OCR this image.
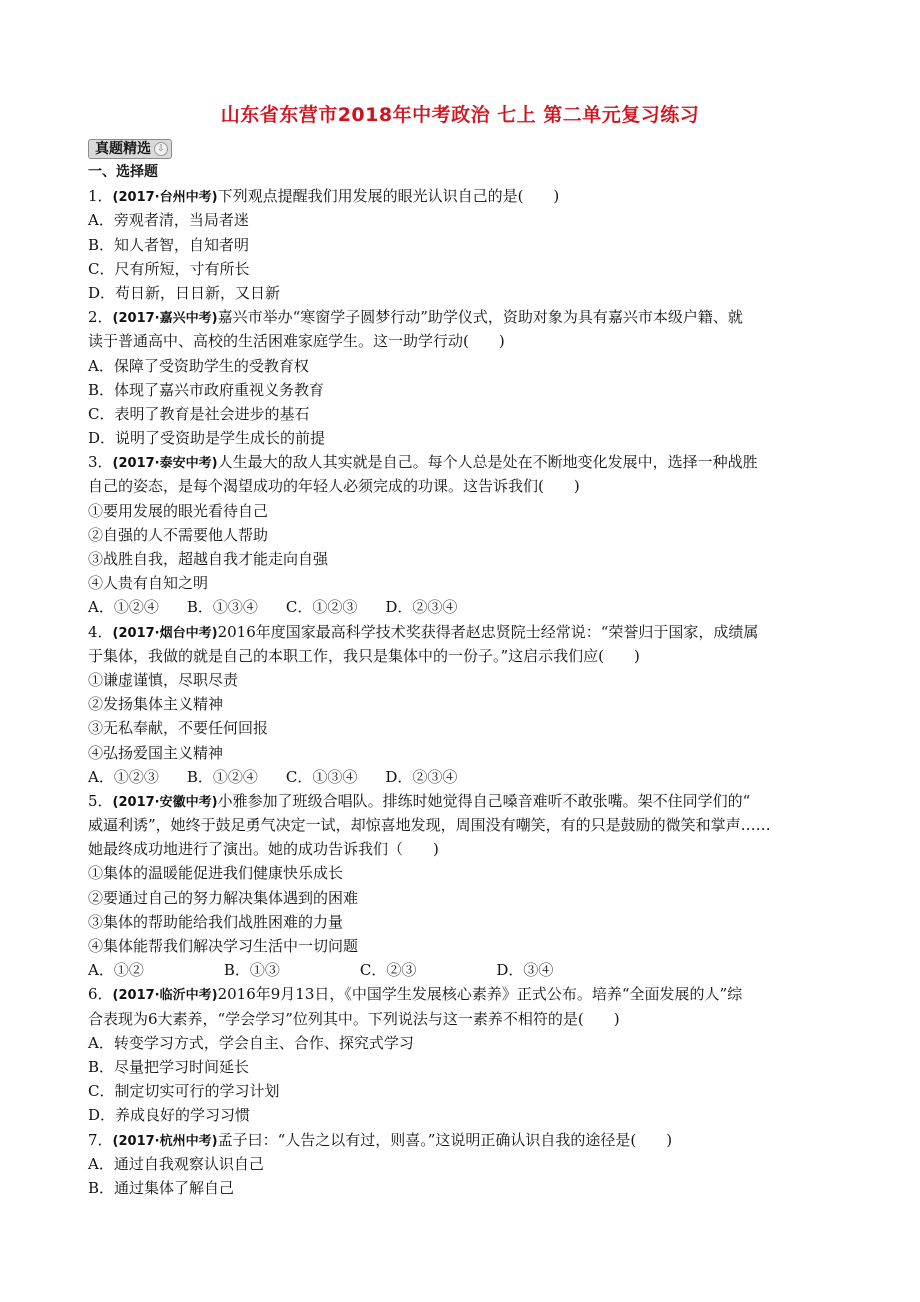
山东省东营市2018年中考政治 七上 第二单元复习练习
真题精选 ⇩
一、选择题
1．(2017·台州中考)下列观点提醒我们用发展的眼光认识自己的是(　　)
A．旁观者清，当局者迷
B．知人者智，自知者明
C．尺有所短，寸有所长
D．苟日新，日日新，又日新
2．(2017·嘉兴中考)嘉兴市举办“寒窗学子圆梦行动”助学仪式，资助对象为具有嘉兴市本级户籍、就
读于普通高中、高校的生活困难家庭学生。这一助学行动(　　)
A．保障了受资助学生的受教育权
B．体现了嘉兴市政府重视义务教育
C．表明了教育是社会进步的基石
D．说明了受资助是学生成长的前提
3．(2017·泰安中考)人生最大的敌人其实就是自己。每个人总是处在不断地变化发展中，选择一种战胜
自己的姿态，是每个渴望成功的年轻人必须完成的功课。这告诉我们(　　)
①要用发展的眼光看待自己
②自强的人不需要他人帮助
③战胜自我，超越自我才能走向自强
④人贵有自知之明
A．①②④ B．①③④ C．①②③ D．②③④
4．(2017·烟台中考)2016年度国家最高科学技术奖获得者赵忠贤院士经常说：“荣誉归于国家，成绩属
于集体，我做的就是自己的本职工作，我只是集体中的一份子。”这启示我们应(　　)
①谦虚谨慎，尽职尽责
②发扬集体主义精神
③无私奉献，不要任何回报
④弘扬爱国主义精神
A．①②③ B．①②④ C．①③④ D．②③④
5．(2017·安徽中考)小雅参加了班级合唱队。排练时她觉得自己嗓音难听不敢张嘴。架不住同学们的“
威逼利诱”，她终于鼓足勇气决定一试，却惊喜地发现，周围没有嘲笑，有的只是鼓励的微笑和掌声……
她最终成功地进行了演出。她的成功告诉我们（　　)
①集体的温暖能促进我们健康快乐成长
②要通过自己的努力解决集体遇到的困难
③集体的帮助能给我们战胜困难的力量
④集体能帮我们解决学习生活中一切问题
A．①②	B．①③	C．②③	D．③④
6．(2017·临沂中考)2016年9月13日，《中国学生发展核心素养》正式公布。培养“全面发展的人”综
合表现为6大素养，“学会学习”位列其中。下列说法与这一素养不相符的是(　　)
A．转变学习方式，学会自主、合作、探究式学习
B．尽量把学习时间延长
C．制定切实可行的学习计划
D．养成良好的学习习惯
7．(2017·杭州中考)孟子曰：“人告之以有过，则喜。”这说明正确认识自我的途径是(　　)
A．通过自我观察认识自己
B．通过集体了解自己
